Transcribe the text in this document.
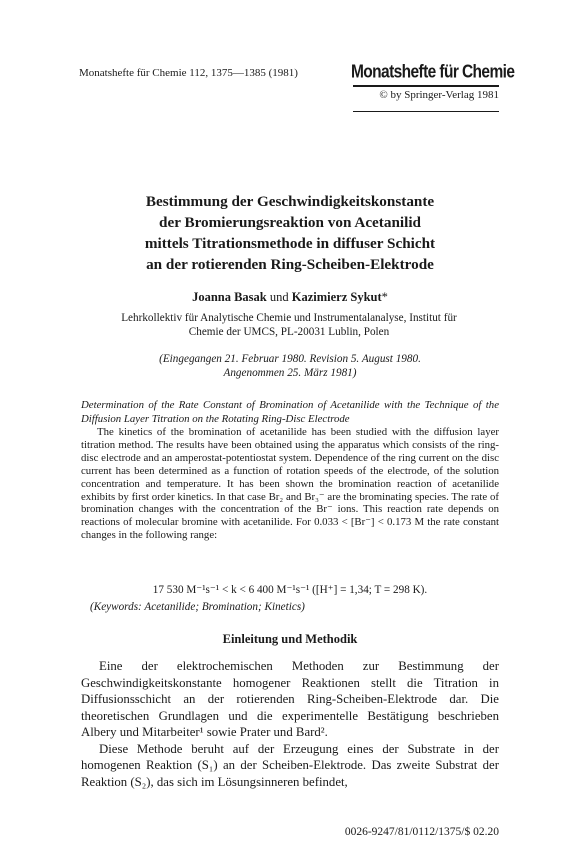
Monatshefte für Chemie 112, 1375—1385 (1981)	Monatshefte für Chemie
© by Springer-Verlag 1981
Bestimmung der Geschwindigkeitskonstante
der Bromierungsreaktion von Acetanilid
mittels Titrationsmethode in diffuser Schicht
an der rotierenden Ring-Scheiben-Elektrode
Joanna Basak und Kazimierz Sykut*
Lehrkollektiv für Analytische Chemie und Instrumentalanalyse, Institut für
Chemie der UMCS, PL-20031 Lublin, Polen
(Eingegangen 21. Februar 1980. Revision 5. August 1980.
Angenommen 25. März 1981)
Determination of the Rate Constant of Bromination of Acetanilide with the Technique of the Diffusion Layer Titration on the Rotating Ring-Disc Electrode

The kinetics of the bromination of acetanilide has been studied with the diffusion layer titration method. The results have been obtained using the apparatus which consists of the ring-disc electrode and an amperostat-potentiostat system. Dependence of the ring current on the disc current has been determined as a function of rotation speeds of the electrode, of the solution concentration and temperature. It has been shown the bromination reaction of acetanilide exhibits by first order kinetics. In that case Br₂ and Br₃⁻ are the brominating species. The rate of bromination changes with the concentration of the Br⁻ ions. This reaction rate depends on reactions of molecular bromine with acetanilide. For 0.033 < [Br⁻] < 0.173 M the rate constant changes in the following range:

17 530 M⁻¹s⁻¹ < k < 6 400 M⁻¹s⁻¹ ([H⁺] = 1,34; T = 298 K).
(Keywords: Acetanilide; Bromination; Kinetics)
Einleitung und Methodik

Eine der elektrochemischen Methoden zur Bestimmung der Geschwindigkeitskonstante homogener Reaktionen stellt die Titration in Diffusionsschicht an der rotierenden Ring-Scheiben-Elektrode dar. Die theoretischen Grundlagen und die experimentelle Bestätigung beschrieben Albery und Mitarbeiter¹ sowie Prater und Bard².

Diese Methode beruht auf der Erzeugung eines der Substrate in der homogenen Reaktion (S₁) an der Scheiben-Elektrode. Das zweite Substrat der Reaktion (S₂), das sich im Lösungsinneren befindet,

0026-9247/81/0112/1375/$ 02.20
